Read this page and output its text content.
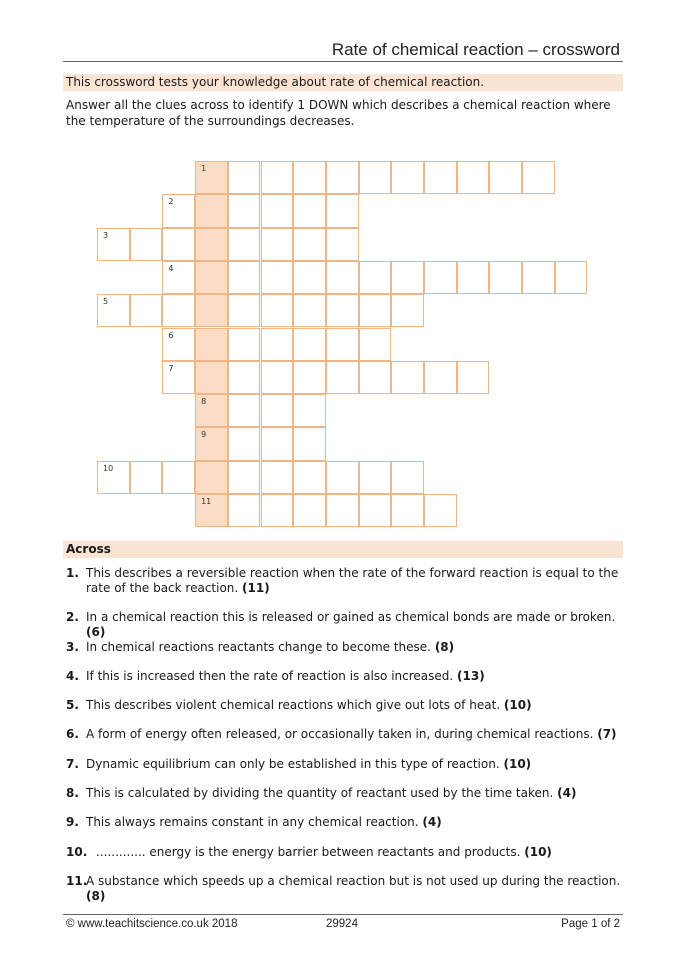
Rate of chemical reaction – crossword
This crossword tests your knowledge about rate of chemical reaction.
Answer all the clues across to identify 1 DOWN which describes a chemical reaction where the temperature of the surroundings decreases.
1
2
3
4
5
6
7
8
9
10
11
Across
1. This describes a reversible reaction when the rate of the forward reaction is equal to the rate of the back reaction. (11)
2. In a chemical reaction this is released or gained as chemical bonds are made or broken. (6)
3. In chemical reactions reactants change to become these. (8)
4. If this is increased then the rate of reaction is also increased. (13)
5. This describes violent chemical reactions which give out lots of heat. (10)
6. A form of energy often released, or occasionally taken in, during chemical reactions. (7)
7. Dynamic equilibrium can only be established in this type of reaction. (10)
8. This is calculated by dividing the quantity of reactant used by the time taken. (4)
9. This always remains constant in any chemical reaction. (4)
10. ............. energy is the energy barrier between reactants and products. (10)
11.
A substance which speeds up a chemical reaction but is not used up during the reaction. (8)
© www.teachitscience.co.uk 2018	29924	Page 1 of 2
